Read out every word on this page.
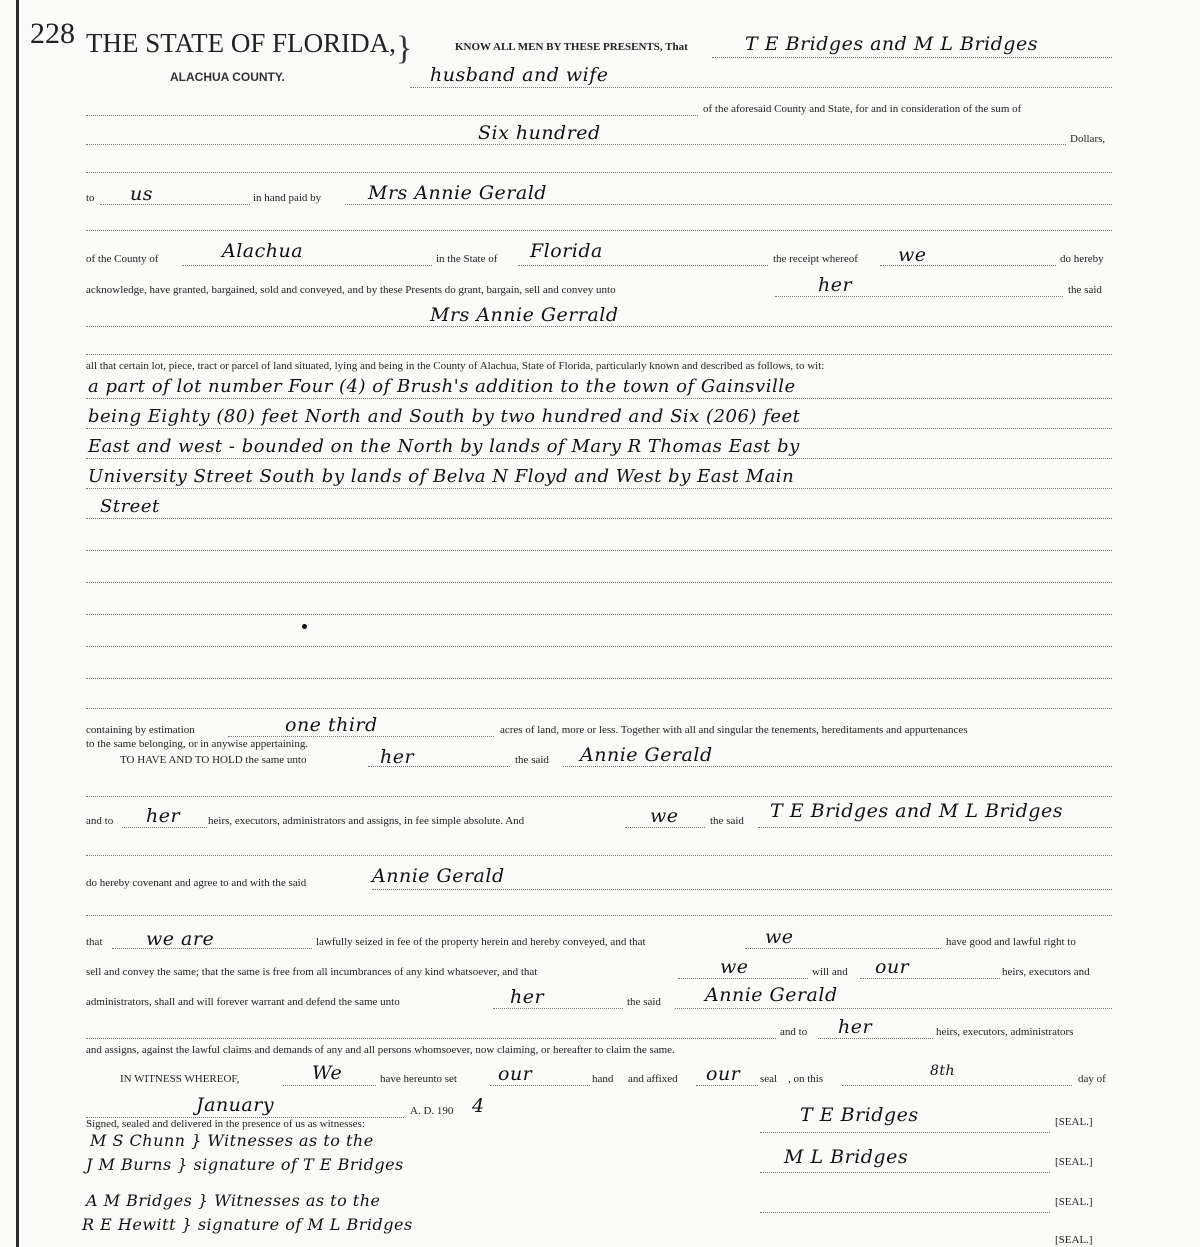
228 THE STATE OF FLORIDA,
ALACHUA COUNTY.
}	KNOW ALL MEN BY THESE PRESENTS, That	T E Bridges and M L Bridges
husband and wife
of the aforesaid County and State, for and in consideration of the sum of
Six hundred	Dollars,
to us	in hand paid by Mrs Annie Gerald
of the County of	Alachua	in the State of Florida	the receipt whereof we	do hereby
acknowledge, have granted, bargained, sold and conveyed, and by these Presents do grant, bargain, sell and convey unto	her	the said
Mrs Annie Gerrald
all that certain lot, piece, tract or parcel of land situated, lying and being in the County of Alachua, State of Florida, particularly known and described as follows, to wit:
a part of lot number Four (4) of Brush's addition to the town of Gainsville
being Eighty (80) feet North and South by two hundred and Six (206) feet
East and west - bounded on the North by lands of Mary R Thomas East by
University Street South by lands of Belva N Floyd and West by East Main
Street
containing by estimation	one third	acres of land, more or less. Together with all and singular the tenements, hereditaments and appurtenances
to the same belonging, or in anywise appertaining.
TO HAVE AND TO HOLD the same unto	her	the said Annie Gerald
and to her	heirs, executors, administrators and assigns, in fee simple absolute. And	we	the said T E Bridges and M L Bridges
do hereby covenant and agree to and with the said	Annie Gerald
that we are	lawfully seized in fee of the property herein and hereby conveyed, and that	we	have good and lawful right to
sell and convey the same; that the same is free from all incumbrances of any kind whatsoever, and that	we	will and our	heirs, executors and
administrators, shall and will forever warrant and defend the same unto	her	the said Annie Gerald
and to her	heirs, executors, administrators
and assigns, against the lawful claims and demands of any and all persons whomsoever, now claiming, or hereafter to claim the same.
IN WITNESS WHEREOF,	We	have hereunto set our	hand and affixed our seal , on this	8th	day of
January	A. D. 190 4
Signed, sealed and delivered in the presence of us as witnesses:
M S Chunn } Witnesses as to the
J M Burns } signature of T E Bridges
A M Bridges } Witnesses as to the
R E Hewitt } signature of M L Bridges
T E Bridges	[SEAL.]
M L Bridges	[SEAL.]
[SEAL.]
[SEAL.]
